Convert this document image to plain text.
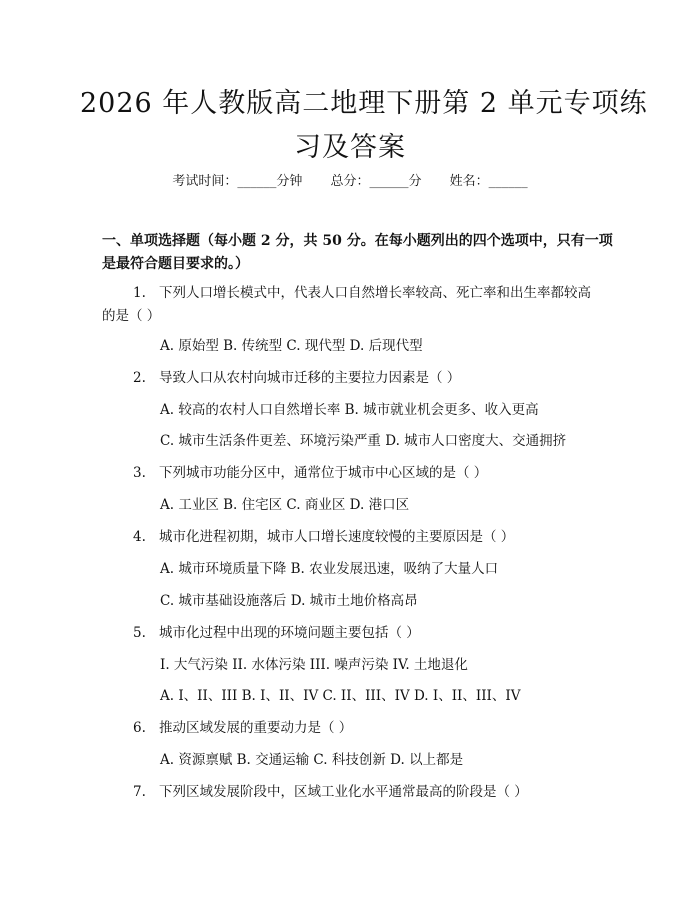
2026 年人教版高二地理下册第 2 单元专项练
习及答案
考试时间：______分钟 总分：______分 姓名：______
一、单项选择题（每小题 2 分，共 50 分。在每小题列出的四个选项中，只有一项
是最符合题目要求的。）
1. 下列人口增长模式中，代表人口自然增长率较高、死亡率和出生率都较高
的是（ ）
A. 原始型 B. 传统型 C. 现代型 D. 后现代型
2. 导致人口从农村向城市迁移的主要拉力因素是（ ）
A. 较高的农村人口自然增长率 B. 城市就业机会更多、收入更高
C. 城市生活条件更差、环境污染严重 D. 城市人口密度大、交通拥挤
3. 下列城市功能分区中，通常位于城市中心区域的是（ ）
A. 工业区 B. 住宅区 C. 商业区 D. 港口区
4. 城市化进程初期，城市人口增长速度较慢的主要原因是（ ）
A. 城市环境质量下降 B. 农业发展迅速，吸纳了大量人口
C. 城市基础设施落后 D. 城市土地价格高昂
5. 城市化过程中出现的环境问题主要包括（ ）
I. 大气污染 II. 水体污染 III. 噪声污染 IV. 土地退化
A. I、II、III B. I、II、IV C. II、III、IV D. I、II、III、IV
6. 推动区域发展的重要动力是（ ）
A. 资源禀赋 B. 交通运输 C. 科技创新 D. 以上都是
7. 下列区域发展阶段中，区域工业化水平通常最高的阶段是（ ）
